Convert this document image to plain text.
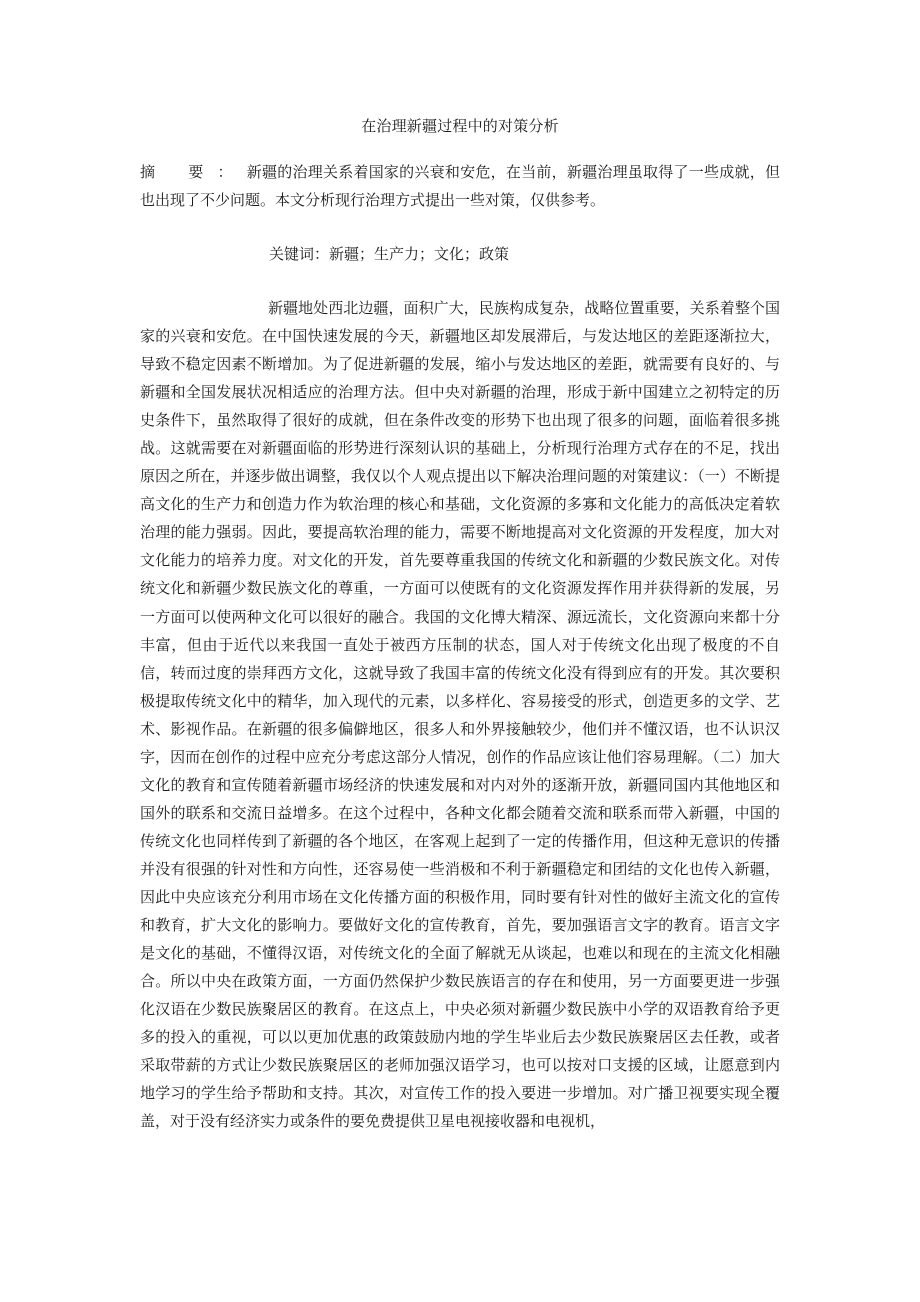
在治理新疆过程中的对策分析

摘 要：新疆的治理关系着国家的兴衰和安危，在当前，新疆治理虽取得了一些成就，但也出现了不少问题。本文分析现行治理方式提出一些对策，仅供参考。

关键词：新疆；生产力；文化；政策

新疆地处西北边疆，面积广大，民族构成复杂，战略位置重要，关系着整个国家的兴衰和安危。在中国快速发展的今天，新疆地区却发展滞后，与发达地区的差距逐渐拉大，导致不稳定因素不断增加。为了促进新疆的发展，缩小与发达地区的差距，就需要有良好的、与新疆和全国发展状况相适应的治理方法。但中央对新疆的治理，形成于新中国建立之初特定的历史条件下，虽然取得了很好的成就，但在条件改变的形势下也出现了很多的问题，面临着很多挑战。这就需要在对新疆面临的形势进行深刻认识的基础上，分析现行治理方式存在的不足，找出原因之所在，并逐步做出调整，我仅以个人观点提出以下解决治理问题的对策建议：（一）不断提高文化的生产力和创造力作为软治理的核心和基础，文化资源的多寡和文化能力的高低决定着软治理的能力强弱。因此，要提高软治理的能力，需要不断地提高对文化资源的开发程度，加大对文化能力的培养力度。对文化的开发，首先要尊重我国的传统文化和新疆的少数民族文化。对传统文化和新疆少数民族文化的尊重，一方面可以使既有的文化资源发挥作用并获得新的发展，另一方面可以使两种文化可以很好的融合。我国的文化博大精深、源远流长，文化资源向来都十分丰富，但由于近代以来我国一直处于被西方压制的状态，国人对于传统文化出现了极度的不自信，转而过度的崇拜西方文化，这就导致了我国丰富的传统文化没有得到应有的开发。其次要积极提取传统文化中的精华，加入现代的元素，以多样化、容易接受的形式，创造更多的文学、艺术、影视作品。在新疆的很多偏僻地区，很多人和外界接触较少，他们并不懂汉语，也不认识汉字，因而在创作的过程中应充分考虑这部分人情况，创作的作品应该让他们容易理解。（二）加大文化的教育和宣传随着新疆市场经济的快速发展和对内对外的逐渐开放，新疆同国内其他地区和国外的联系和交流日益增多。在这个过程中，各种文化都会随着交流和联系而带入新疆，中国的传统文化也同样传到了新疆的各个地区，在客观上起到了一定的传播作用，但这种无意识的传播并没有很强的针对性和方向性，还容易使一些消极和不利于新疆稳定和团结的文化也传入新疆，因此中央应该充分利用市场在文化传播方面的积极作用，同时要有针对性的做好主流文化的宣传和教育，扩大文化的影响力。要做好文化的宣传教育，首先，要加强语言文字的教育。语言文字是文化的基础，不懂得汉语，对传统文化的全面了解就无从谈起，也难以和现在的主流文化相融合。所以中央在政策方面，一方面仍然保护少数民族语言的存在和使用，另一方面要更进一步强化汉语在少数民族聚居区的教育。在这点上，中央必须对新疆少数民族中小学的双语教育给予更多的投入的重视，可以以更加优惠的政策鼓励内地的学生毕业后去少数民族聚居区去任教，或者采取带薪的方式让少数民族聚居区的老师加强汉语学习，也可以按对口支援的区域，让愿意到内地学习的学生给予帮助和支持。其次，对宣传工作的投入要进一步增加。对广播卫视要实现全覆盖，对于没有经济实力或条件的要免费提供卫星电视接收器和电视机，
